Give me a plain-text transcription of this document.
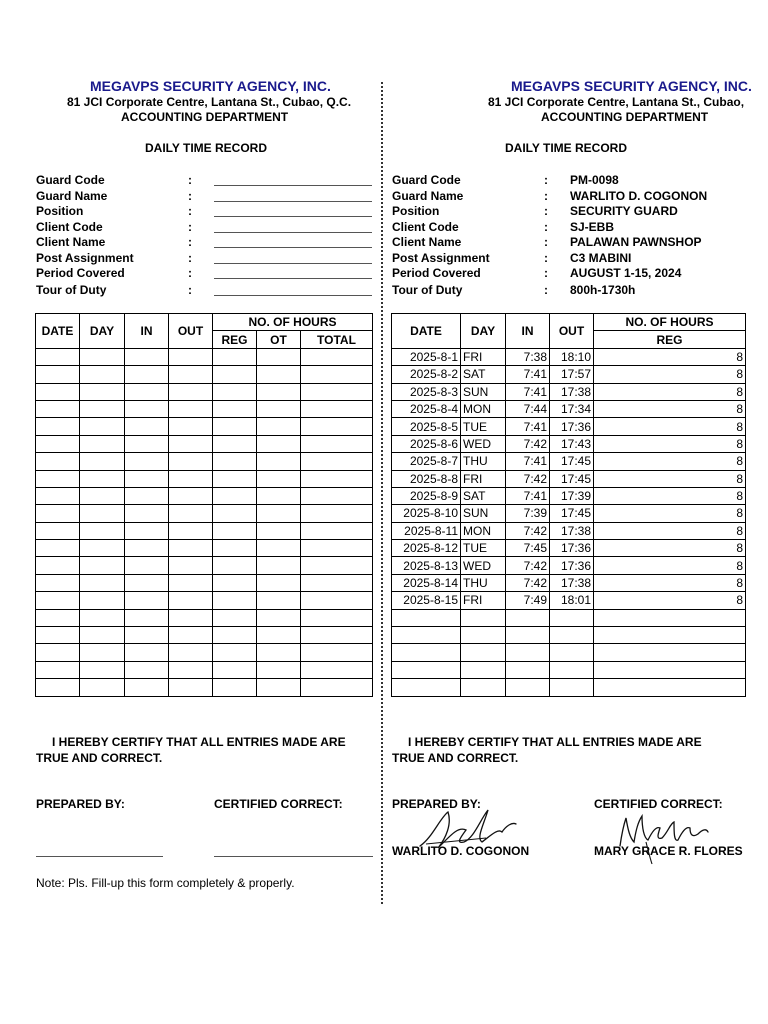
MEGAVPS SECURITY AGENCY, INC.
81 JCI Corporate Centre, Lantana St., Cubao, Q.C.
ACCOUNTING DEPARTMENT
DAILY TIME RECORD
Guard Code	:
Guard Name	:
Position	:
Client Code	:
Client Name	:
Post Assignment	:
Period Covered	:
Tour of Duty	:
DATE	DAY	IN	OUT	NO. OF HOURS		
				REG	OT	TOTAL

I HEREBY CERTIFY THAT ALL ENTRIES MADE ARE TRUE AND CORRECT.
PREPARED BY:	CERTIFIED CORRECT:
Note: Pls. Fill-up this form completely & properly.
MEGAVPS SECURITY AGENCY, INC.
81 JCI Corporate Centre, Lantana St., Cubao,
ACCOUNTING DEPARTMENT
DAILY TIME RECORD
Guard Code	: PM-0098
Guard Name	: WARLITO D. COGONON
Position	: SECURITY GUARD
Client Code	: SJ-EBB
Client Name	: PALAWAN PAWNSHOP
Post Assignment	: C3 MABINI
Period Covered	: AUGUST 1-15, 2024
Tour of Duty	: 800h-1730h
DATE	DAY	IN	OUT	NO. OF HOURS
				REG
2025-8-1	FRI	7:38	18:10	8
2025-8-2	SAT	7:41	17:57	8
2025-8-3	SUN	7:41	17:38	8
2025-8-4	MON	7:44	17:34	8
2025-8-5	TUE	7:41	17:36	8
2025-8-6	WED	7:42	17:43	8
2025-8-7	THU	7:41	17:45	8
2025-8-8	FRI	7:42	17:45	8
2025-8-9	SAT	7:41	17:39	8
2025-8-10	SUN	7:39	17:45	8
2025-8-11	MON	7:42	17:38	8
2025-8-12	TUE	7:45	17:36	8
2025-8-13	WED	7:42	17:36	8
2025-8-14	THU	7:42	17:38	8
2025-8-15	FRI	7:49	18:01	8

I HEREBY CERTIFY THAT ALL ENTRIES MADE ARE TRUE AND CORRECT.
PREPARED BY:	CERTIFIED CORRECT:
WARLITO D. COGONON	MARY GRACE R. FLORES
